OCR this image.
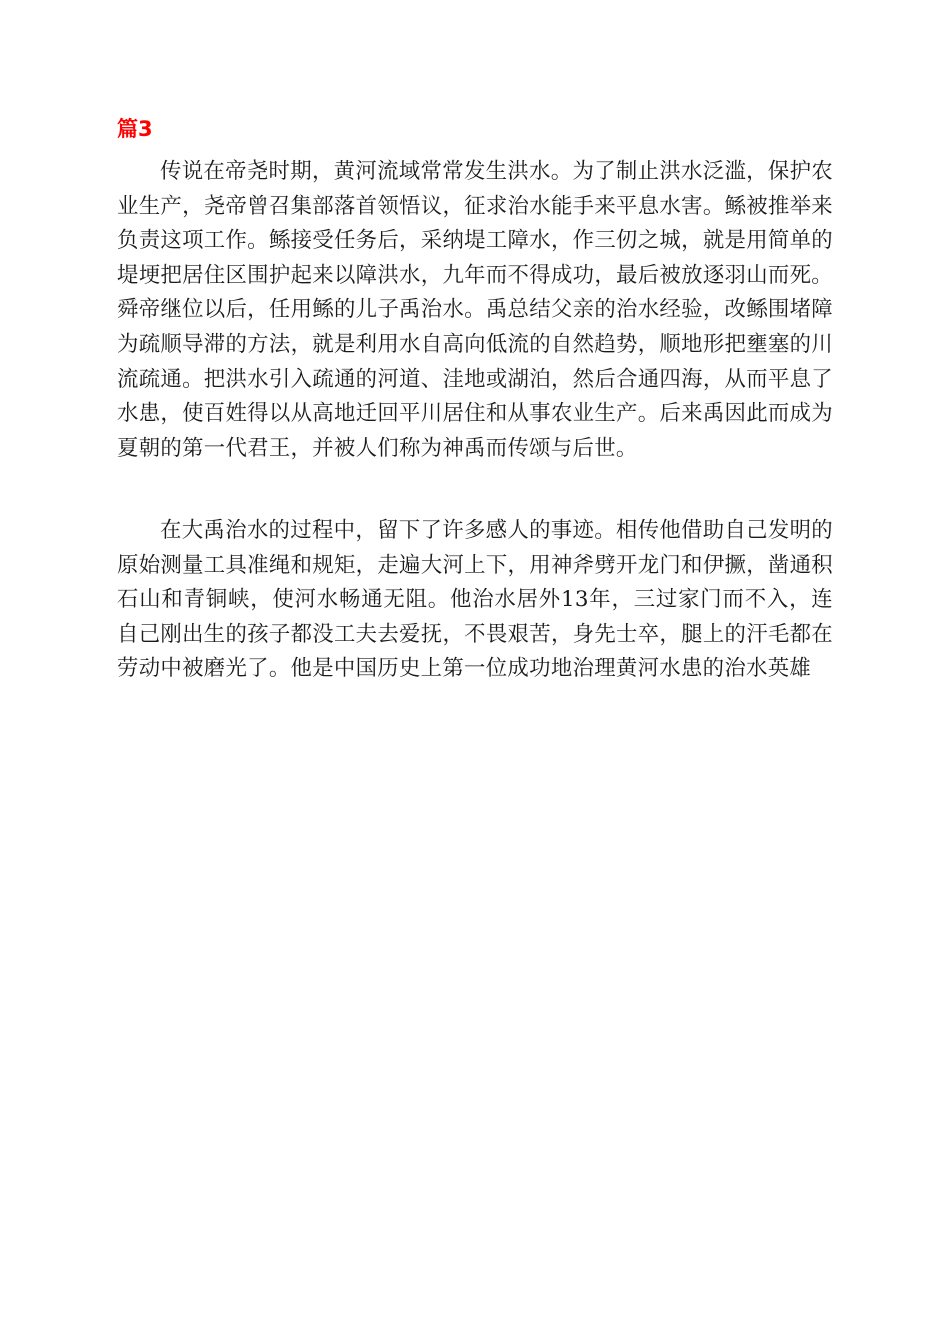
篇3

传说在帝尧时期，黄河流域常常发生洪水。为了制止洪水泛滥，保护农业生产，尧帝曾召集部落首领悟议，征求治水能手来平息水害。鲧被推举来负责这项工作。鲧接受任务后，采纳堤工障水，作三仞之城，就是用简单的堤埂把居住区围护起来以障洪水，九年而不得成功，最后被放逐羽山而死。舜帝继位以后，任用鲧的儿子禹治水。禹总结父亲的治水经验，改鲧围堵障为疏顺导滞的方法，就是利用水自高向低流的自然趋势，顺地形把壅塞的川流疏通。把洪水引入疏通的河道、洼地或湖泊，然后合通四海，从而平息了水患，使百姓得以从高地迁回平川居住和从事农业生产。后来禹因此而成为夏朝的第一代君王，并被人们称为神禹而传颂与后世。

在大禹治水的过程中，留下了许多感人的事迹。相传他借助自己发明的原始测量工具准绳和规矩，走遍大河上下，用神斧劈开龙门和伊撅，凿通积石山和青铜峡，使河水畅通无阻。他治水居外13年，三过家门而不入，连自己刚出生的孩子都没工夫去爱抚，不畏艰苦，身先士卒，腿上的汗毛都在劳动中被磨光了。他是中国历史上第一位成功地治理黄河水患的治水英雄
